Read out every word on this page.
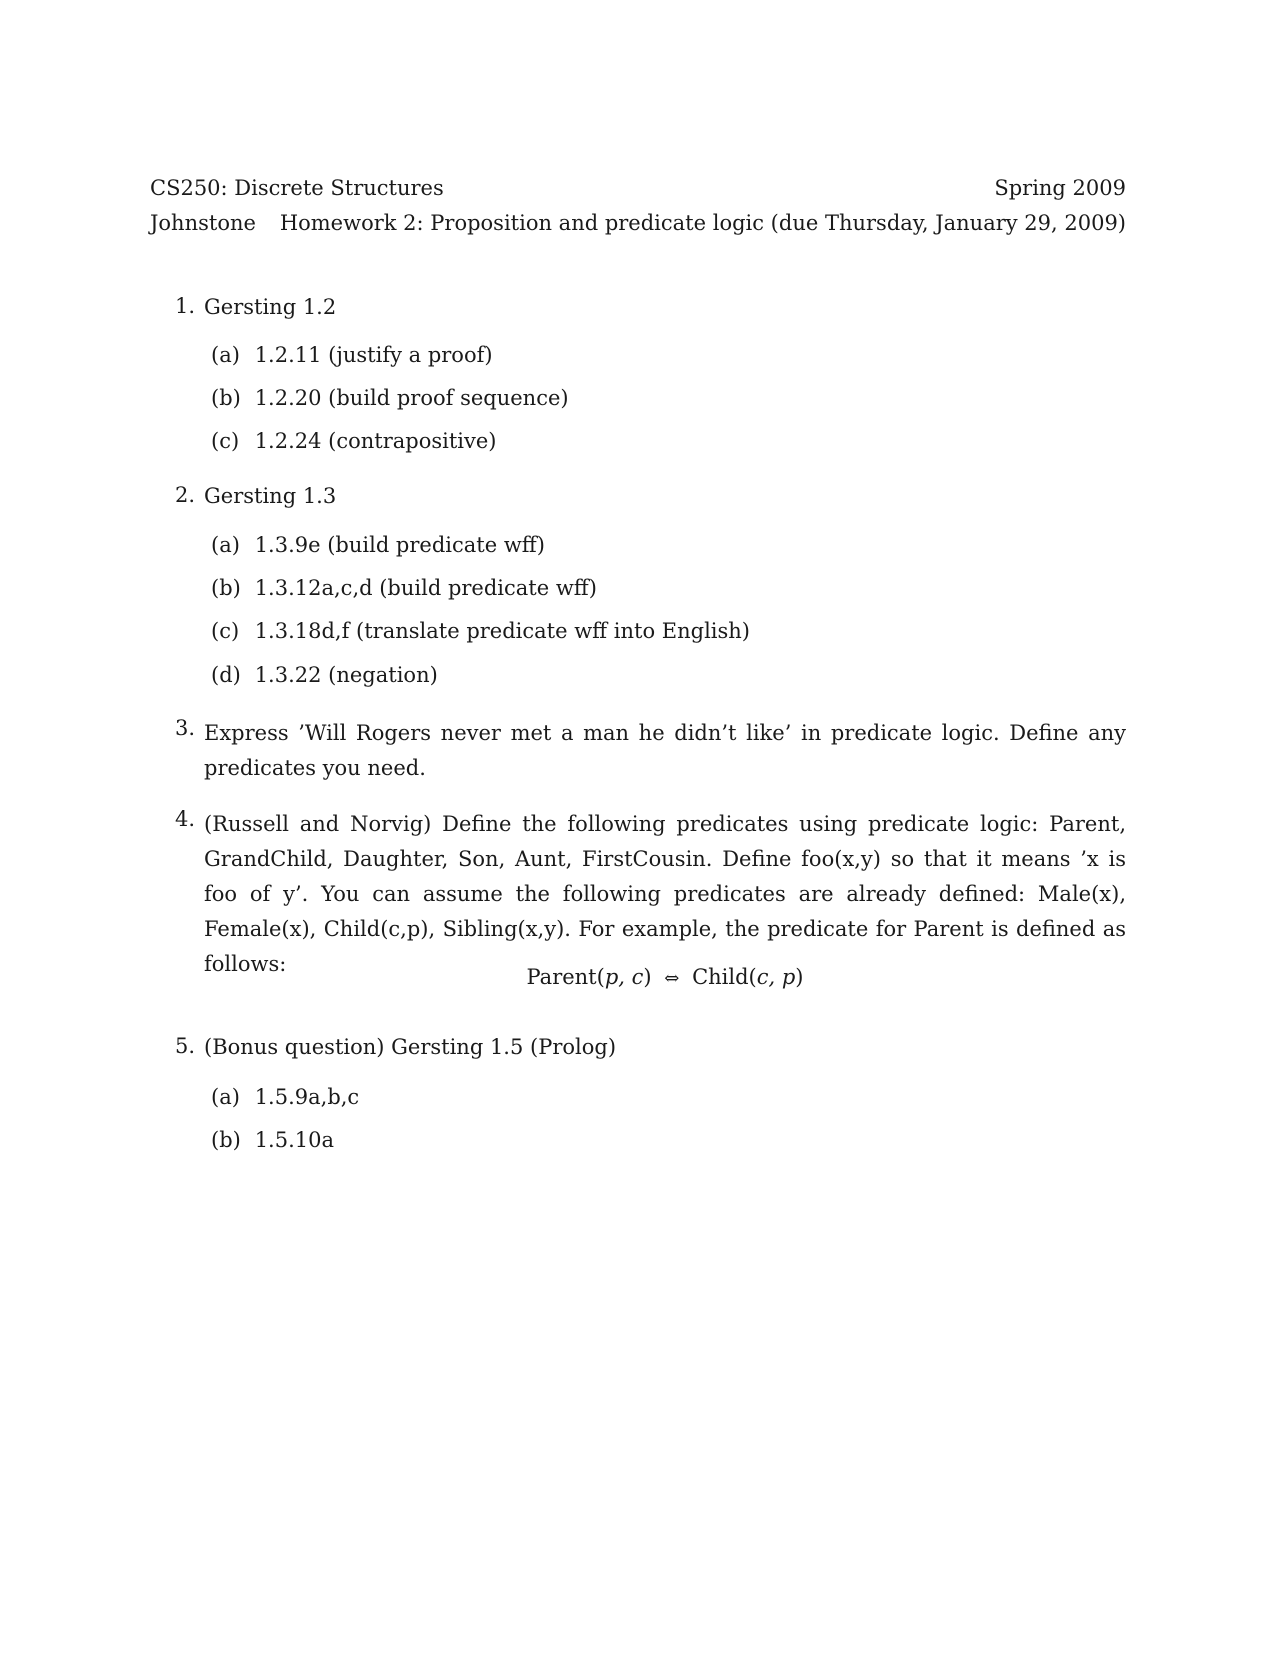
CS250: Discrete Structures	Spring 2009
Johnstone Homework 2: Proposition and predicate logic (due Thursday, January 29, 2009)
1. Gersting 1.2
(a) 1.2.11 (justify a proof)
(b) 1.2.20 (build proof sequence)
(c) 1.2.24 (contrapositive)
2. Gersting 1.3
(a) 1.3.9e (build predicate wff)
(b) 1.3.12a,c,d (build predicate wff)
(c) 1.3.18d,f (translate predicate wff into English)
(d) 1.3.22 (negation)
3. Express ’Will Rogers never met a man he didn’t like’ in predicate logic. Define any predicates you need.
4. (Russell and Norvig) Define the following predicates using predicate logic: Parent, GrandChild, Daughter, Son, Aunt, FirstCousin. Define foo(x,y) so that it means ’x is foo of y’. You can assume the following predicates are already defined: Male(x), Female(x), Child(c,p), Sibling(x,y). For example, the predicate for Parent is defined as follows:
Parent(p, c) ⇔ Child(c, p)
5. (Bonus question) Gersting 1.5 (Prolog)
(a) 1.5.9a,b,c
(b) 1.5.10a
